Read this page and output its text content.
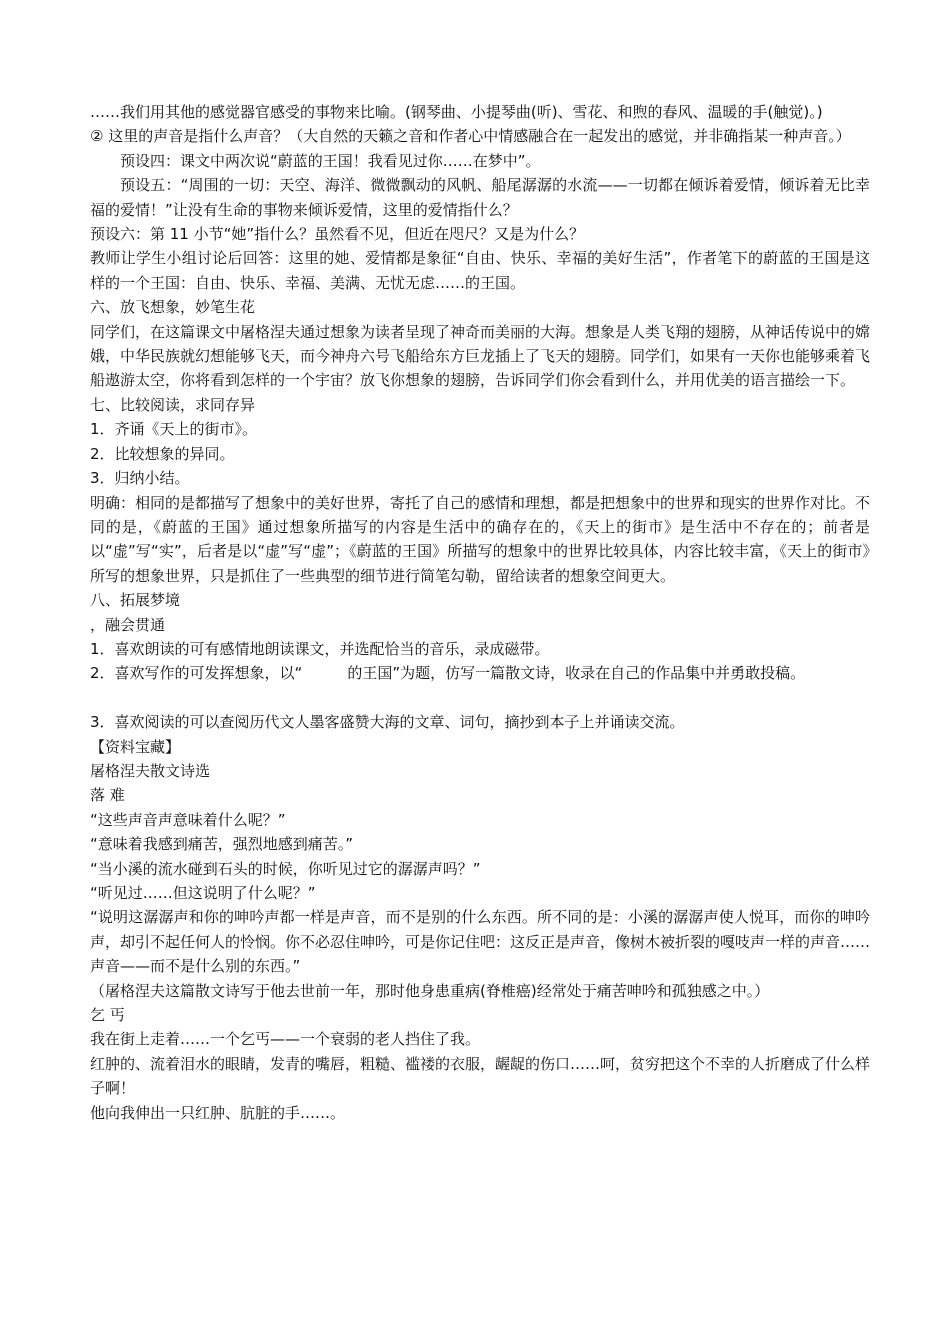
……我们用其他的感觉器官感受的事物来比喻。(钢琴曲、小提琴曲(听)、雪花、和煦的春风、温暖的手(触觉)。)

② 这里的声音是指什么声音？（大自然的天籁之音和作者心中情感融合在一起发出的感觉，并非确指某一种声音。）

预设四：课文中两次说“蔚蓝的王国！我看见过你……在梦中”。

预设五：“周围的一切：天空、海洋、微微飘动的风帆、船尾潺潺的水流——一切都在倾诉着爱情，倾诉着无比幸福的爱情！”让没有生命的事物来倾诉爱情，这里的爱情指什么？

预设六：第 11 小节“她”指什么？虽然看不见，但近在咫尺？又是为什么？

教师让学生小组讨论后回答：这里的她、爱情都是象征“自由、快乐、幸福的美好生活”，作者笔下的蔚蓝的王国是这样的一个王国：自由、快乐、幸福、美满、无忧无虑……的王国。

六、放飞想象，妙笔生花

同学们，在这篇课文中屠格涅夫通过想象为读者呈现了神奇而美丽的大海。想象是人类飞翔的翅膀，从神话传说中的嫦娥，中华民族就幻想能够飞天，而今神舟六号飞船给东方巨龙插上了飞天的翅膀。同学们，如果有一天你也能够乘着飞船遨游太空，你将看到怎样的一个宇宙？放飞你想象的翅膀，告诉同学们你会看到什么，并用优美的语言描绘一下。

七、比较阅读，求同存异

1．齐诵《天上的街市》。

2．比较想象的异同。

3．归纳小结。

明确：相同的是都描写了想象中的美好世界，寄托了自己的感情和理想，都是把想象中的世界和现实的世界作对比。不同的是，《蔚蓝的王国》通过想象所描写的内容是生活中的确存在的，《天上的街市》是生活中不存在的；前者是以“虚”写“实”，后者是以“虚”写“虚”；《蔚蓝的王国》所描写的想象中的世界比较具体，内容比较丰富，《天上的街市》所写的想象世界，只是抓住了一些典型的细节进行简笔勾勒，留给读者的想象空间更大。

八、拓展梦境

，融会贯通

1．喜欢朗读的可有感情地朗读课文，并选配恰当的音乐，录成磁带。

2．喜欢写作的可发挥想象，以“　　　的王国”为题，仿写一篇散文诗，收录在自己的作品集中并勇敢投稿。

3．喜欢阅读的可以查阅历代文人墨客盛赞大海的文章、词句，摘抄到本子上并诵读交流。

【资料宝藏】

屠格涅夫散文诗选

落 难

“这些声音声意味着什么呢？”

“意味着我感到痛苦，强烈地感到痛苦。”

“当小溪的流水碰到石头的时候，你听见过它的潺潺声吗？”

“听见过……但这说明了什么呢？”

“说明这潺潺声和你的呻吟声都一样是声音，而不是别的什么东西。所不同的是：小溪的潺潺声使人悦耳，而你的呻吟声，却引不起任何人的怜悯。你不必忍住呻吟，可是你记住吧：这反正是声音，像树木被折裂的嘎吱声一样的声音……声音——而不是什么别的东西。”

（屠格涅夫这篇散文诗写于他去世前一年，那时他身患重病(脊椎癌)经常处于痛苦呻吟和孤独感之中。）

乞 丐

我在街上走着……一个乞丐——一个衰弱的老人挡住了我。

红肿的、流着泪水的眼睛，发青的嘴唇，粗糙、褴褛的衣服，龌龊的伤口……呵，贫穷把这个不幸的人折磨成了什么样子啊！

他向我伸出一只红肿、肮脏的手……。
